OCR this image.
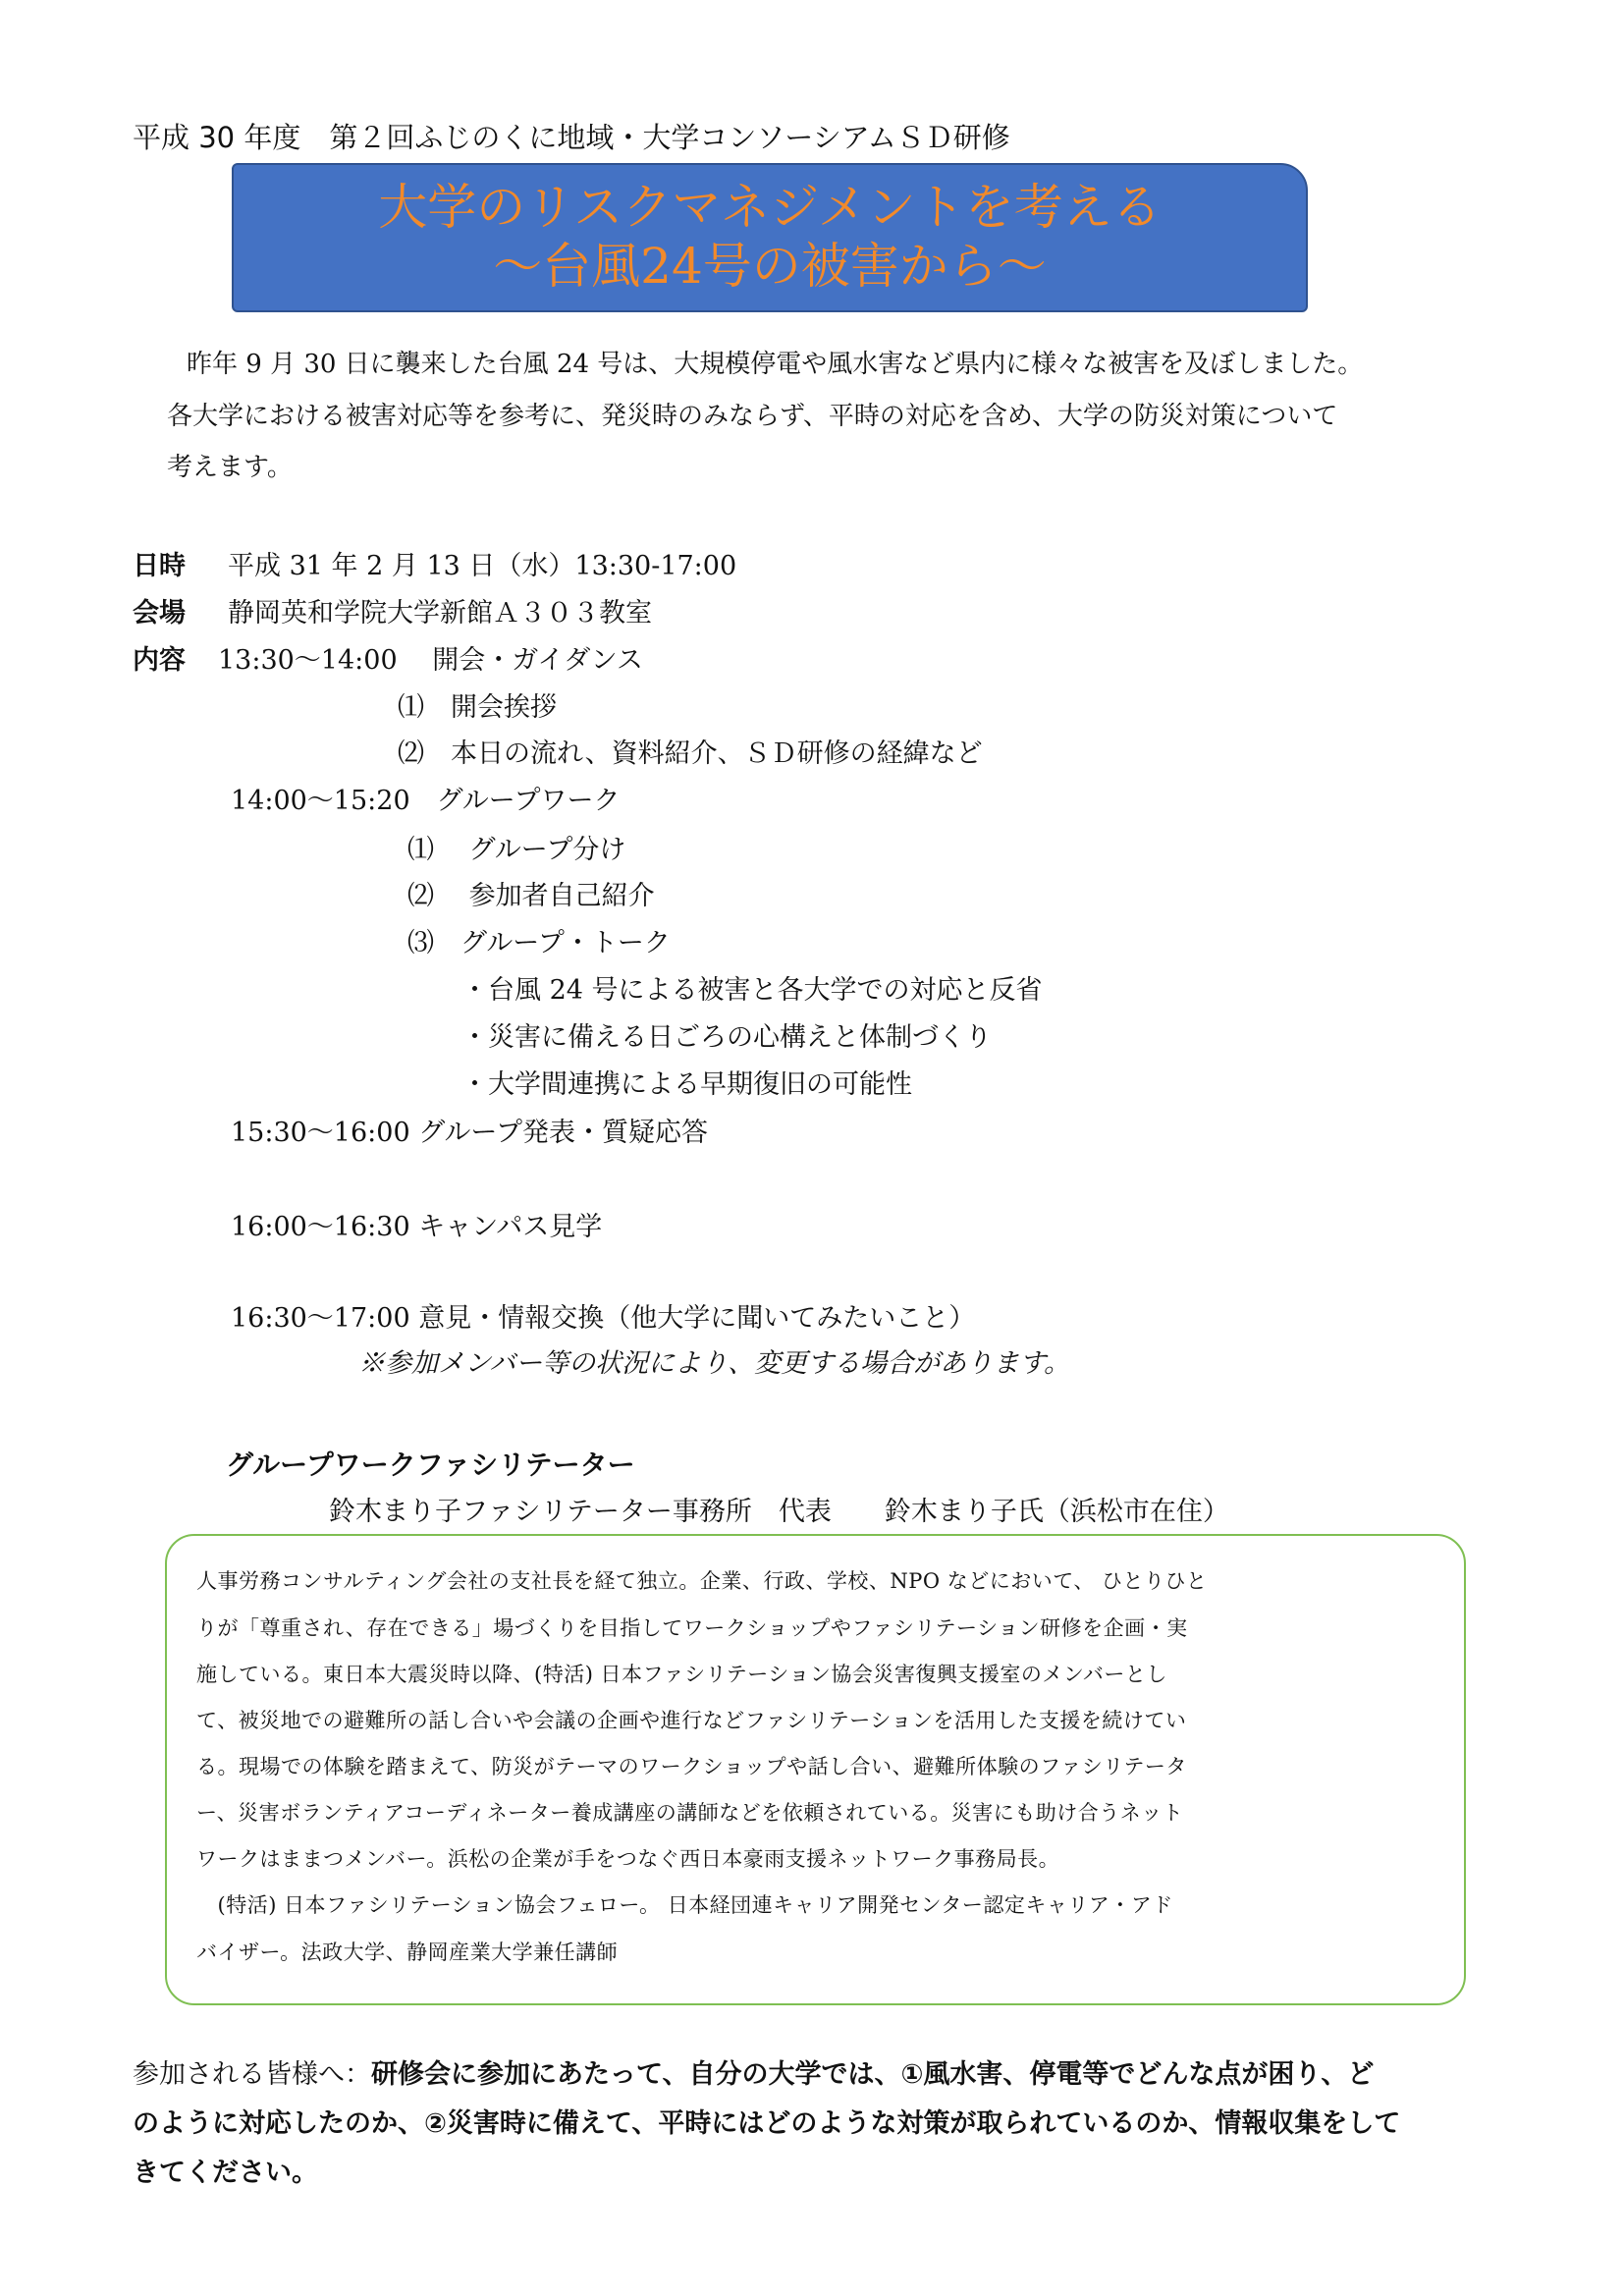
平成 30 年度　第２回ふじのくに地域・大学コンソーシアムＳＤ研修
大学のリスクマネジメントを考える
～台風24号の被害から～
昨年 9 月 30 日に襲来した台風 24 号は、大規模停電や風水害など県内に様々な被害を及ぼしました。
各大学における被害対応等を参考に、発災時のみならず、平時の対応を含め、大学の防災対策について
考えます。
日時 平成 31 年 2 月 13 日（水）13:30-17:00
会場 静岡英和学院大学新館Ａ３０３教室
内容 13:30～14:00　 開会・ガイダンス
⑴　開会挨拶
⑵　本日の流れ、資料紹介、ＳＤ研修の経緯など
14:00～15:20　グループワーク
⑴　 グループ分け
⑵　 参加者自己紹介
⑶　グループ・トーク
・台風 24 号による被害と各大学での対応と反省
・災害に備える日ごろの心構えと体制づくり
・大学間連携による早期復旧の可能性
15:30～16:00 グループ発表・質疑応答
16:00～16:30 キャンパス見学
16:30～17:00 意見・情報交換（他大学に聞いてみたいこと）
※参加メンバー等の状況により、変更する場合があります。
グループワークファシリテーター
鈴木まり子ファシリテーター事務所　代表　　鈴木まり子氏（浜松市在住）
人事労務コンサルティング会社の支社長を経て独立。企業、行政、学校、NPO などにおいて、 ひとりひと
りが「尊重され、存在できる」場づくりを目指してワークショップやファシリテーション研修を企画・実
施している。東日本大震災時以降、(特活) 日本ファシリテーション協会災害復興支援室のメンバーとし
て、被災地での避難所の話し合いや会議の企画や進行などファシリテーションを活用した支援を続けてい
る。現場での体験を踏まえて、防災がテーマのワークショップや話し合い、避難所体験のファシリテータ
ー、災害ボランティアコーディネーター養成講座の講師などを依頼されている。災害にも助け合うネット
ワークはままつメンバー。浜松の企業が手をつなぐ西日本豪雨支援ネットワーク事務局長。
　(特活) 日本ファシリテーション協会フェロー。 日本経団連キャリア開発センター認定キャリア・アド
バイザー。法政大学、静岡産業大学兼任講師
参加される皆様へ：研修会に参加にあたって、自分の大学では、①風水害、停電等でどんな点が困り、ど
のように対応したのか、②災害時に備えて、平時にはどのような対策が取られているのか、情報収集をして
きてください。
